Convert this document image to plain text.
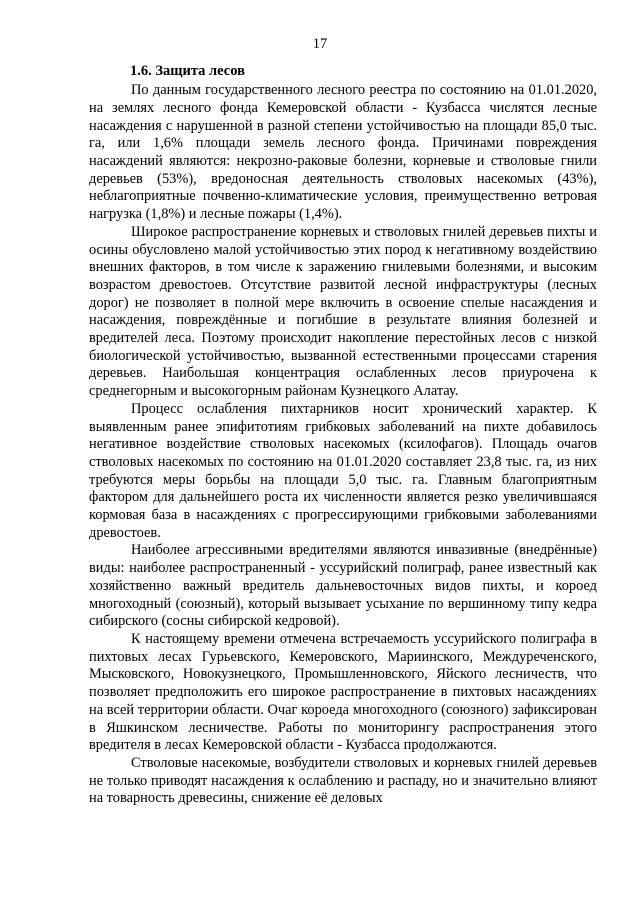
17
1.6. Защита лесов

По данным государственного лесного реестра по состоянию на 01.01.2020, на землях лесного фонда Кемеровской области - Кузбасса числятся лесные насаждения с нарушенной в разной степени устойчивостью на площади 85,0 тыс. га, или 1,6% площади земель лесного фонда. Причинами повреждения насаждений являются: некрозно-раковые болезни, корневые и стволовые гнили деревьев (53%), вредоносная деятельность стволовых насекомых (43%), неблагоприятные почвенно-климатические условия, преимущественно ветровая нагрузка (1,8%) и лесные пожары (1,4%).

Широкое распространение корневых и стволовых гнилей деревьев пихты и осины обусловлено малой устойчивостью этих пород к негативному воздействию внешних факторов, в том числе к заражению гнилевыми болезнями, и высоким возрастом древостоев. Отсутствие развитой лесной инфраструктуры (лесных дорог) не позволяет в полной мере включить в освоение спелые насаждения и насаждения, повреждённые и погибшие в результате влияния болезней и вредителей леса. Поэтому происходит накопление перестойных лесов с низкой биологической устойчивостью, вызванной естественными процессами старения деревьев. Наибольшая концентрация ослабленных лесов приурочена к среднегорным и высокогорным районам Кузнецкого Алатау.

Процесс ослабления пихтарников носит хронический характер. К выявленным ранее эпифитотиям грибковых заболеваний на пихте добавилось негативное воздействие стволовых насекомых (ксилофагов). Площадь очагов стволовых насекомых по состоянию на 01.01.2020 составляет 23,8 тыс. га, из них требуются меры борьбы на площади 5,0 тыс. га. Главным благоприятным фактором для дальнейшего роста их численности является резко увеличившаяся кормовая база в насаждениях с прогрессирующими грибковыми заболеваниями древостоев.

Наиболее агрессивными вредителями являются инвазивные (внедрённые) виды: наиболее распространенный - уссурийский полиграф, ранее известный как хозяйственно важный вредитель дальневосточных видов пихты, и короед многоходный (союзный), который вызывает усыхание по вершинному типу кедра сибирского (сосны сибирской кедровой).

К настоящему времени отмечена встречаемость уссурийского полиграфа в пихтовых лесах Гурьевского, Кемеровского, Мариинского, Междуреченского, Мысковского, Новокузнецкого, Промышленновского, Яйского лесничеств, что позволяет предположить его широкое распространение в пихтовых насаждениях на всей территории области. Очаг короеда многоходного (союзного) зафиксирован в Яшкинском лесничестве. Работы по мониторингу распространения этого вредителя в лесах Кемеровской области - Кузбасса продолжаются.

Стволовые насекомые, возбудители стволовых и корневых гнилей деревьев не только приводят насаждения к ослаблению и распаду, но и значительно влияют на товарность древесины, снижение её деловых
